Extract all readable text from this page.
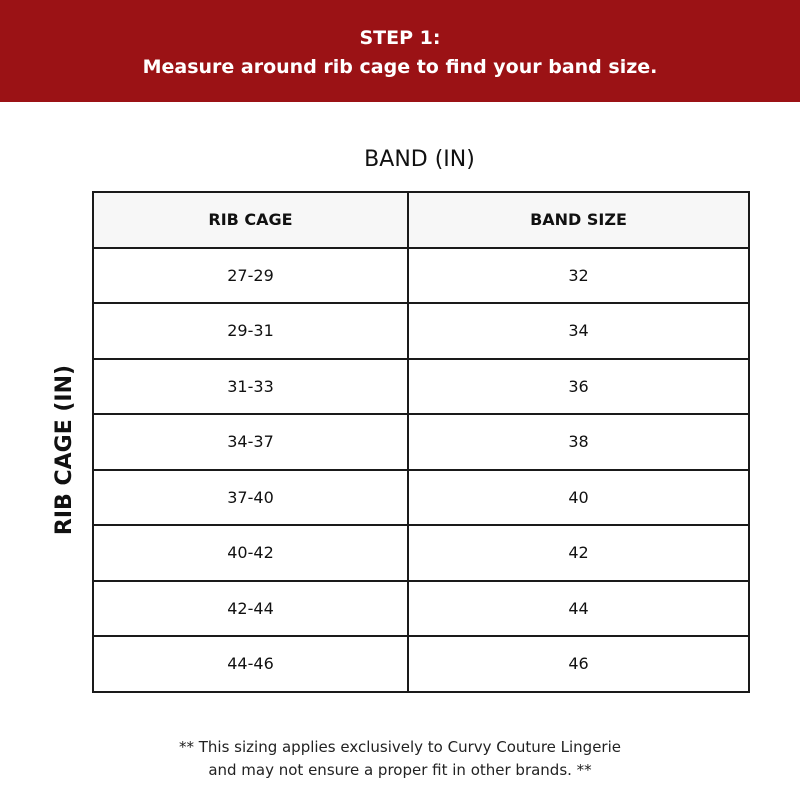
STEP 1:
Measure around rib cage to find your band size.
BAND (IN)
RIB CAGE (IN)
RIB CAGE	BAND SIZE
27-29	32
29-31	34
31-33	36
34-37	38
37-40	40
40-42	42
42-44	44
44-46	46
** This sizing applies exclusively to Curvy Couture Lingerie
and may not ensure a proper fit in other brands. **
